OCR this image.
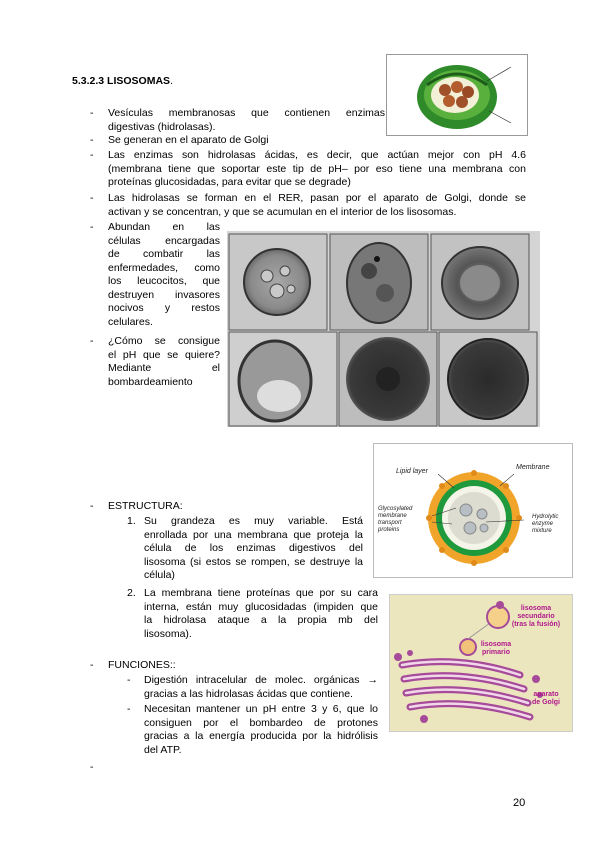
5.3.2.3 LISOSOMAS.
- Vesículas membranosas que contienen enzimas
digestivas (hidrolasas).
- Se generan en el aparato de Golgi
- Las enzimas son hidrolasas ácidas, es decir, que actúan mejor con pH 4.6
(membrana tiene que soportar este tip de pH– por eso tiene una membrana con
proteínas glucosidadas, para evitar que se degrade)
- Las hidrolasas se forman en el RER, pasan por el aparato de Golgi, donde se
activan y se concentran, y que se acumulan en el interior de los lisosomas.
- Abundan en las
células encargadas
de combatir las
enfermedades, como
los leucocitos, que
destruyen invasores
nocivos y restos
celulares.
- ¿Cómo se consigue
el pH que se quiere?
Mediante el
bombardeamiento
Lipid layer
Membrane
Glycosylated
membrane
transport
proteins
Hydrolytic
enzyme
mixture
- ESTRUCTURA:
1. Su grandeza es muy variable. Está
enrollada por una membrana que proteja la
célula de los enzimas digestivos del
lisosoma (si estos se rompen, se destruye la
célula)
2. La membrana tiene proteínas que por su cara
interna, están muy glucosidadas (impiden que
la hidrolasa ataque a la propia mb del
lisosoma).
lisosoma
secundario
(tras la fusión)
lisosoma
primario
aparato
de Golgi
- FUNCIONES::
- Digestión intracelular de molec. orgánicas →
gracias a las hidrolasas ácidas que contiene.
- Necesitan mantener un pH entre 3 y 6, que lo
consiguen por el bombardeo de protones
gracias a la energía producida por la hidrólisis
del ATP.
-
20
